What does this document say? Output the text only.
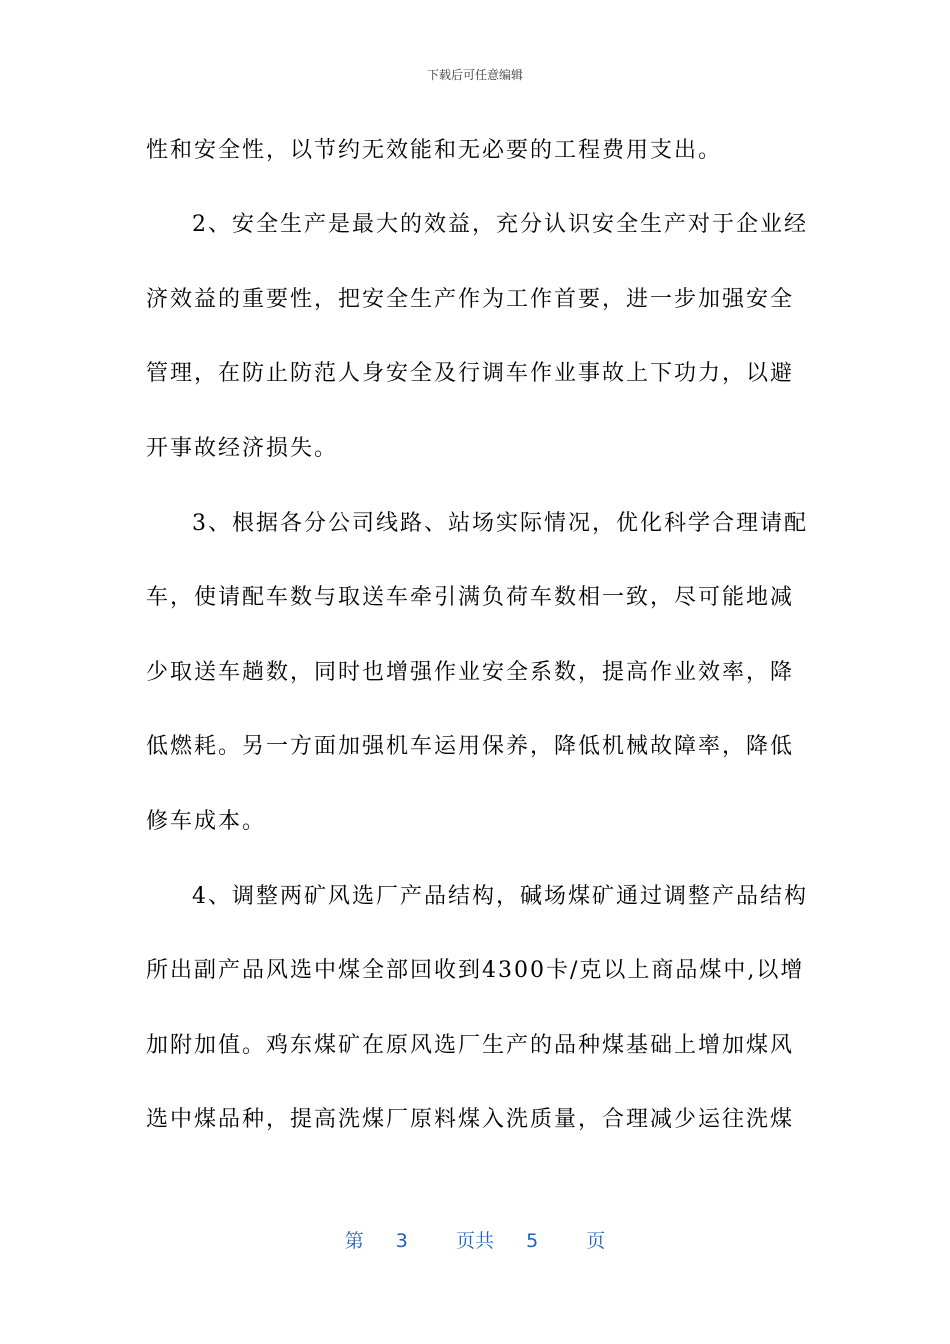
下载后可任意编辑
性和安全性，以节约无效能和无必要的工程费用支出。
2、安全生产是最大的效益，充分认识安全生产对于企业经
济效益的重要性，把安全生产作为工作首要，进一步加强安全
管理，在防止防范人身安全及行调车作业事故上下功力，以避
开事故经济损失。
3、根据各分公司线路、站场实际情况，优化科学合理请配
车，使请配车数与取送车牵引满负荷车数相一致，尽可能地减
少取送车趟数，同时也增强作业安全系数，提高作业效率，降
低燃耗。另一方面加强机车运用保养，降低机械故障率，降低
修车成本。
4、调整两矿风选厂产品结构，碱场煤矿通过调整产品结构
所出副产品风选中煤全部回收到4300卡/克以上商品煤中,以增
加附加值。鸡东煤矿在原风选厂生产的品种煤基础上增加煤风
选中煤品种，提高洗煤厂原料煤入洗质量，合理减少运往洗煤
第  3   页共  5   页
